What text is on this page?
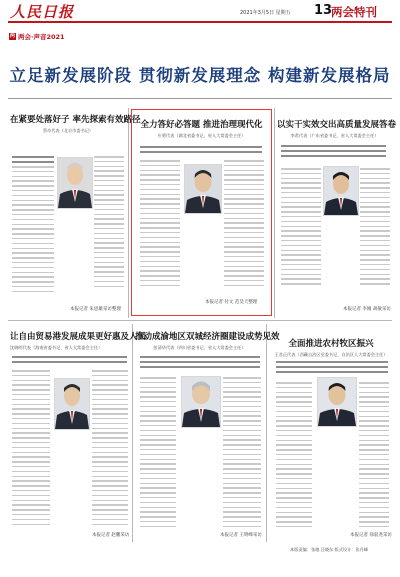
人民日报	2021年3月5日 星期五 13
两会特刊
两 两会·声音2021
立足新发展阶段 贯彻新发展理念 构建新发展格局
在紧要处落好子 率先探索有效路径
蔡奇代表（北京市委书记）
本报记者 朱思雄采访整理
全力答好必答题 推进治理现代化
应勇代表（湖北省委书记、省人大常委会主任）
本报记者 付文 范昊天整理
以实干实效交出高质量发展答卷
李希代表（广东省委书记、省人大常委会主任）
本报记者 李刚 胡敏采访
让自由贸易港发展成果更好惠及人民
沈晓明代表（海南省委书记、省人大常委会主任）
本报记者 赵鹏采访
推动成渝地区双城经济圈建设成势见效
彭清华代表（四川省委书记、省人大常委会主任）
本报记者 王明峰采访
全面推进农村牧区振兴
王君正代表（西藏自治区党委书记、自治区人大常委会主任）
本报记者 徐驭尧采访
本版责编：张璁 汪晓东 版式设计：张丹峰
